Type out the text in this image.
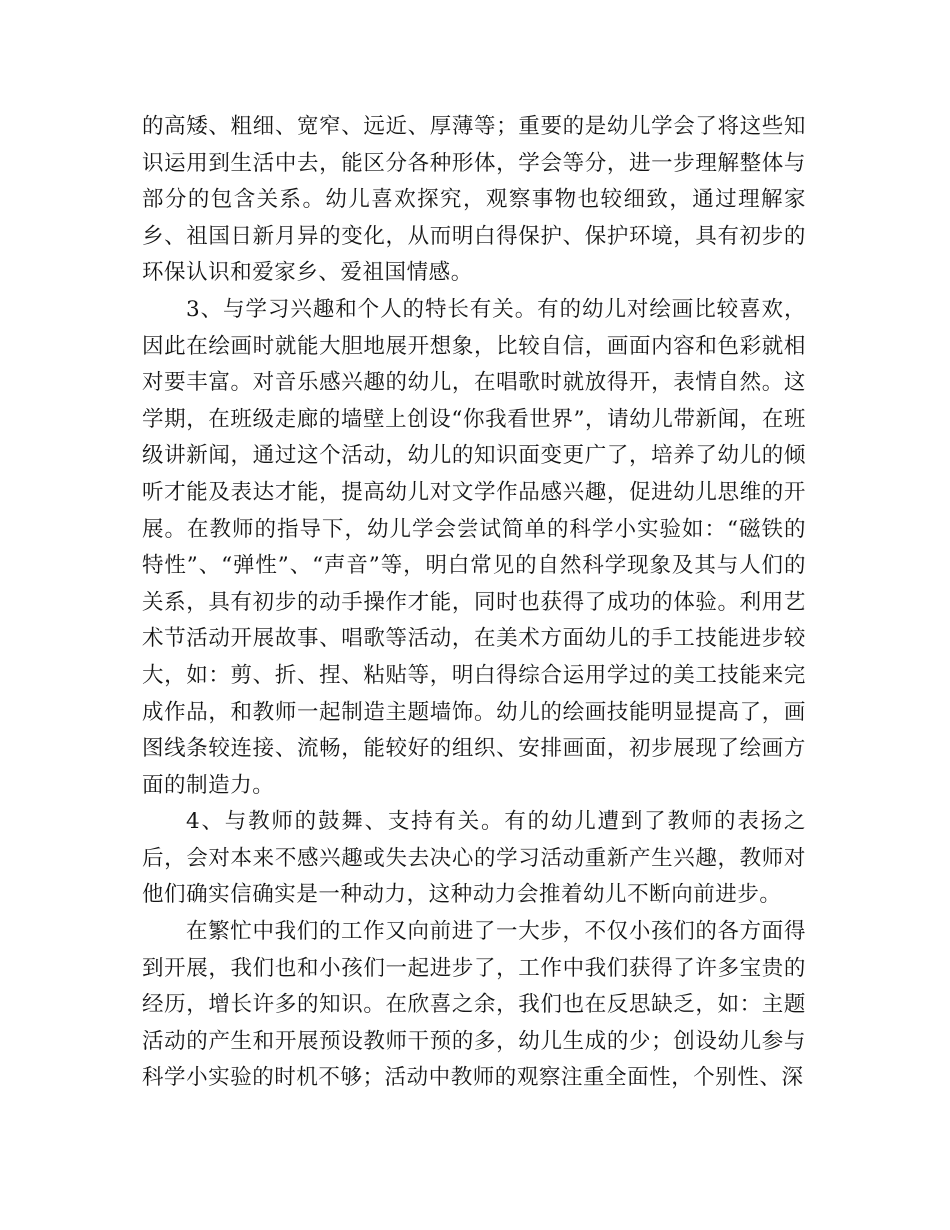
的高矮、粗细、宽窄、远近、厚薄等；重要的是幼儿学会了将这些知识运用到生活中去，能区分各种形体，学会等分，进一步理解整体与部分的包含关系。幼儿喜欢探究，观察事物也较细致，通过理解家乡、祖国日新月异的变化，从而明白得保护、保护环境，具有初步的环保认识和爱家乡、爱祖国情感。

3、与学习兴趣和个人的特长有关。有的幼儿对绘画比较喜欢，因此在绘画时就能大胆地展开想象，比较自信，画面内容和色彩就相对要丰富。对音乐感兴趣的幼儿，在唱歌时就放得开，表情自然。这学期，在班级走廊的墙壁上创设“你我看世界”，请幼儿带新闻，在班级讲新闻，通过这个活动，幼儿的知识面变更广了，培养了幼儿的倾听才能及表达才能，提高幼儿对文学作品感兴趣，促进幼儿思维的开展。在教师的指导下，幼儿学会尝试简单的科学小实验如：“磁铁的特性”、“弹性”、“声音”等，明白常见的自然科学现象及其与人们的关系，具有初步的动手操作才能，同时也获得了成功的体验。利用艺术节活动开展故事、唱歌等活动，在美术方面幼儿的手工技能进步较大，如：剪、折、捏、粘贴等，明白得综合运用学过的美工技能来完成作品，和教师一起制造主题墙饰。幼儿的绘画技能明显提高了，画图线条较连接、流畅，能较好的组织、安排画面，初步展现了绘画方面的制造力。

4、与教师的鼓舞、支持有关。有的幼儿遭到了教师的表扬之后，会对本来不感兴趣或失去决心的学习活动重新产生兴趣，教师对他们确实信确实是一种动力，这种动力会推着幼儿不断向前进步。

在繁忙中我们的工作又向前进了一大步，不仅小孩们的各方面得到开展，我们也和小孩们一起进步了，工作中我们获得了许多宝贵的经历，增长许多的知识。在欣喜之余，我们也在反思缺乏，如：主题活动的产生和开展预设教师干预的多，幼儿生成的少；创设幼儿参与科学小实验的时机不够；活动中教师的观察注重全面性，个别性、深
